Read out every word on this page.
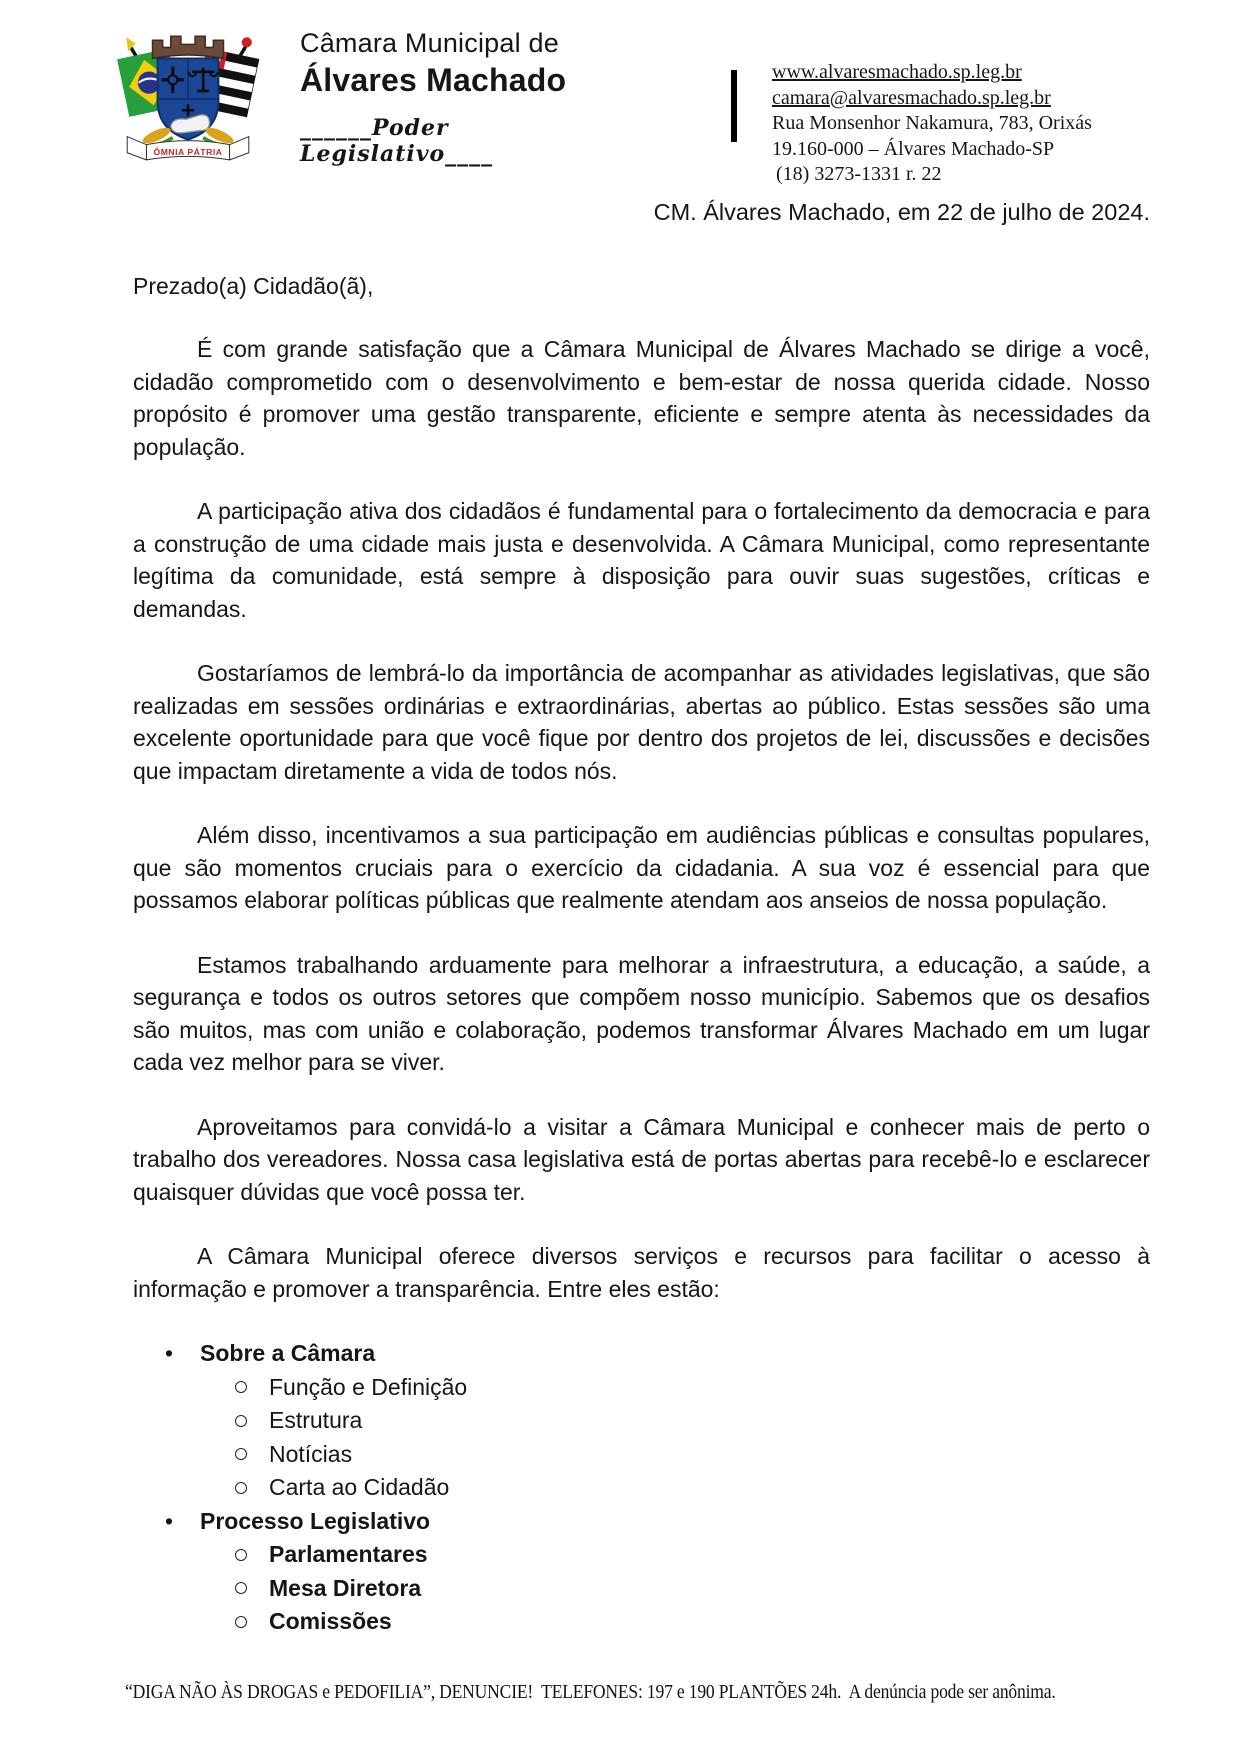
ÔMNIA PÁTRIA
Câmara Municipal de
Álvares Machado
______Poder Legislativo____
www.alvaresmachado.sp.leg.br
camara@alvaresmachado.sp.leg.br
Rua Monsenhor Nakamura, 783, Orixás
19.160-000 – Álvares Machado-SP
(18) 3273-1331 r. 22
CM. Álvares Machado, em 22 de julho de 2024.
Prezado(a) Cidadão(ã),

É com grande satisfação que a Câmara Municipal de Álvares Machado se dirige a você, cidadão comprometido com o desenvolvimento e bem-estar de nossa querida cidade. Nosso propósito é promover uma gestão transparente, eficiente e sempre atenta às necessidades da população.

A participação ativa dos cidadãos é fundamental para o fortalecimento da democracia e para a construção de uma cidade mais justa e desenvolvida. A Câmara Municipal, como representante legítima da comunidade, está sempre à disposição para ouvir suas sugestões, críticas e demandas.

Gostaríamos de lembrá-lo da importância de acompanhar as atividades legislativas, que são realizadas em sessões ordinárias e extraordinárias, abertas ao público. Estas sessões são uma excelente oportunidade para que você fique por dentro dos projetos de lei, discussões e decisões que impactam diretamente a vida de todos nós.

Além disso, incentivamos a sua participação em audiências públicas e consultas populares, que são momentos cruciais para o exercício da cidadania. A sua voz é essencial para que possamos elaborar políticas públicas que realmente atendam aos anseios de nossa população.

Estamos trabalhando arduamente para melhorar a infraestrutura, a educação, a saúde, a segurança e todos os outros setores que compõem nosso município. Sabemos que os desafios são muitos, mas com união e colaboração, podemos transformar Álvares Machado em um lugar cada vez melhor para se viver.

Aproveitamos para convidá-lo a visitar a Câmara Municipal e conhecer mais de perto o trabalho dos vereadores. Nossa casa legislativa está de portas abertas para recebê-lo e esclarecer quaisquer dúvidas que você possa ter.

A Câmara Municipal oferece diversos serviços e recursos para facilitar o acesso à informação e promover a transparência. Entre eles estão:

•	Sobre a Câmara
Função e Definição
Estrutura
Notícias
Carta ao Cidadão
•	Processo Legislativo
Parlamentares
Mesa Diretora
Comissões
“DIGA NÃO ÀS DROGAS e PEDOFILIA”, DENUNCIE!  TELEFONES: 197 e 190 PLANTÕES 24h.  A denúncia pode ser anônima.
